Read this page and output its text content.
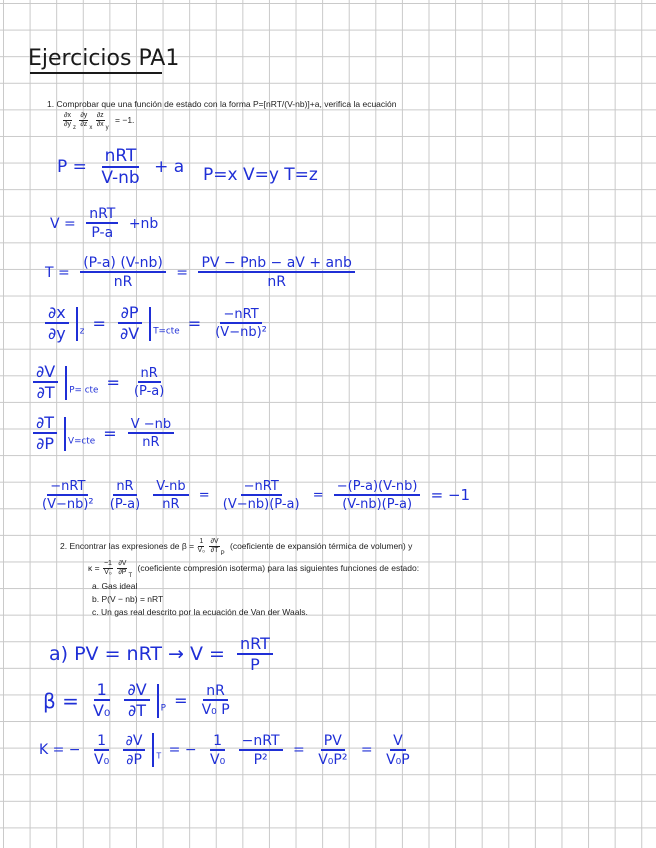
Ejercicios PA1
1. Comprobar que una función de estado con la forma P=[nRT/(V-nb)]+a, verifica la ecuación
$\frac{\partial x}{\partial y} _z \frac{\partial y}{\partial z} _x \frac{\partial z}{\partial x} _y = -1$.
$P = \frac{\text{nRT}}{V-nb} + a$ P=x V=y T=z
$V = \frac{\text{nRT}}{P-a} +nb$
$T = \frac{(P-a) (V-nb)}{nR} = \frac{\text{PV − Pnb − aV + anb}}{nR}$
$\frac{\partial x}{\partial y} _z = \frac{\partial P}{\partial V} _{T=cte} = \frac{\text{−nRT}}{\text{(V−nb)²}}$
$\frac{\partial V}{\partial T} _{P= cte} = \frac{nR}{(P-a)}$
$\frac{\partial T}{\partial P} _{V=cte} = \frac{V -nb}{nR}$
$\frac{\text{−nRT}}{\text{(V−nb)²}}$
$\frac{nR}{(P-a)}$
$\frac{V-nb}{nR} = \frac{\text{−nRT}}{(V-nb)(P-a)} = \frac{-(P-a)(V-nb)}{(V-nb)(P-a)} = -1$
2. Encontrar las expresiones de $\beta = \frac{1}{\text{V₀}}$
$\frac{\partial V}{\partial T} _P$ (coeficiente de expansión térmica de volumen) y
$\kappa = \frac{-1}{\text{V₀}}$
$\frac{\partial V}{\partial P} _T$ (coeficiente compresión isoterma) para las siguientes funciones de estado:
a. Gas ideal
b. P(V − nb) = nRT
c. Un gas real descrito por la ecuación de Van der Waals.
a) PV = nRT → $V = \frac{\text{nRT}}{P}$
$\beta = \frac{1}{\text{V₀}}$
$\frac{\partial V}{\partial T} _P = \frac{nR}{\text{V₀ P}}$
K = − $\frac{1}{\text{V₀}}$
$\frac{\partial V}{\partial P} _T$ = − $\frac{1}{\text{V₀}}$
$\frac{\text{−nRT}}{\text{P²}} = \frac{PV}{\text{V₀P²}} = \frac{V}{\text{V₀P}}$
